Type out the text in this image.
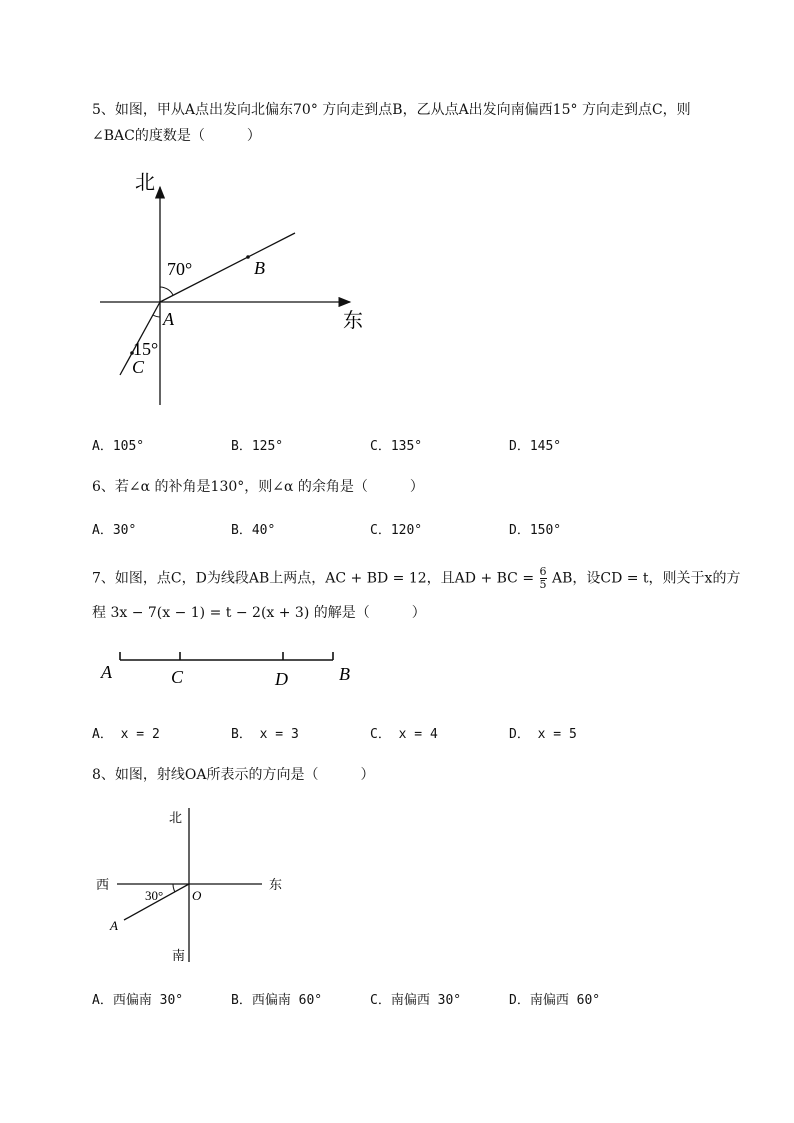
5、如图，甲从A点出发向北偏东70° 方向走到点B，乙从点A出发向南偏西15° 方向走到点C，则
∠BAC的度数是（　　　）
北
东
70°
15°
A
B
C
A．105°	B．125°	C．135°	D．145°
6、若∠α 的补角是130°，则∠α 的余角是（　　　）
A．30°	B．40°	C．120°	D．150°
7、如图，点C，D为线段AB上两点，AC + BD = 12，且AD + BC = $\frac{6}{5}$ AB，设CD = t，则关于x的方
程 3x − 7(x − 1) = t − 2(x + 3) 的解是（　　　）
A	C	D	B
A． x = 2	B． x = 3	C． x = 4	D． x = 5
8、如图，射线OA所表示的方向是（　　　）
北
南
西	东
30° O
A
A．西偏南 30°	B．西偏南 60°	C．南偏西 30°	D．南偏西 60°
